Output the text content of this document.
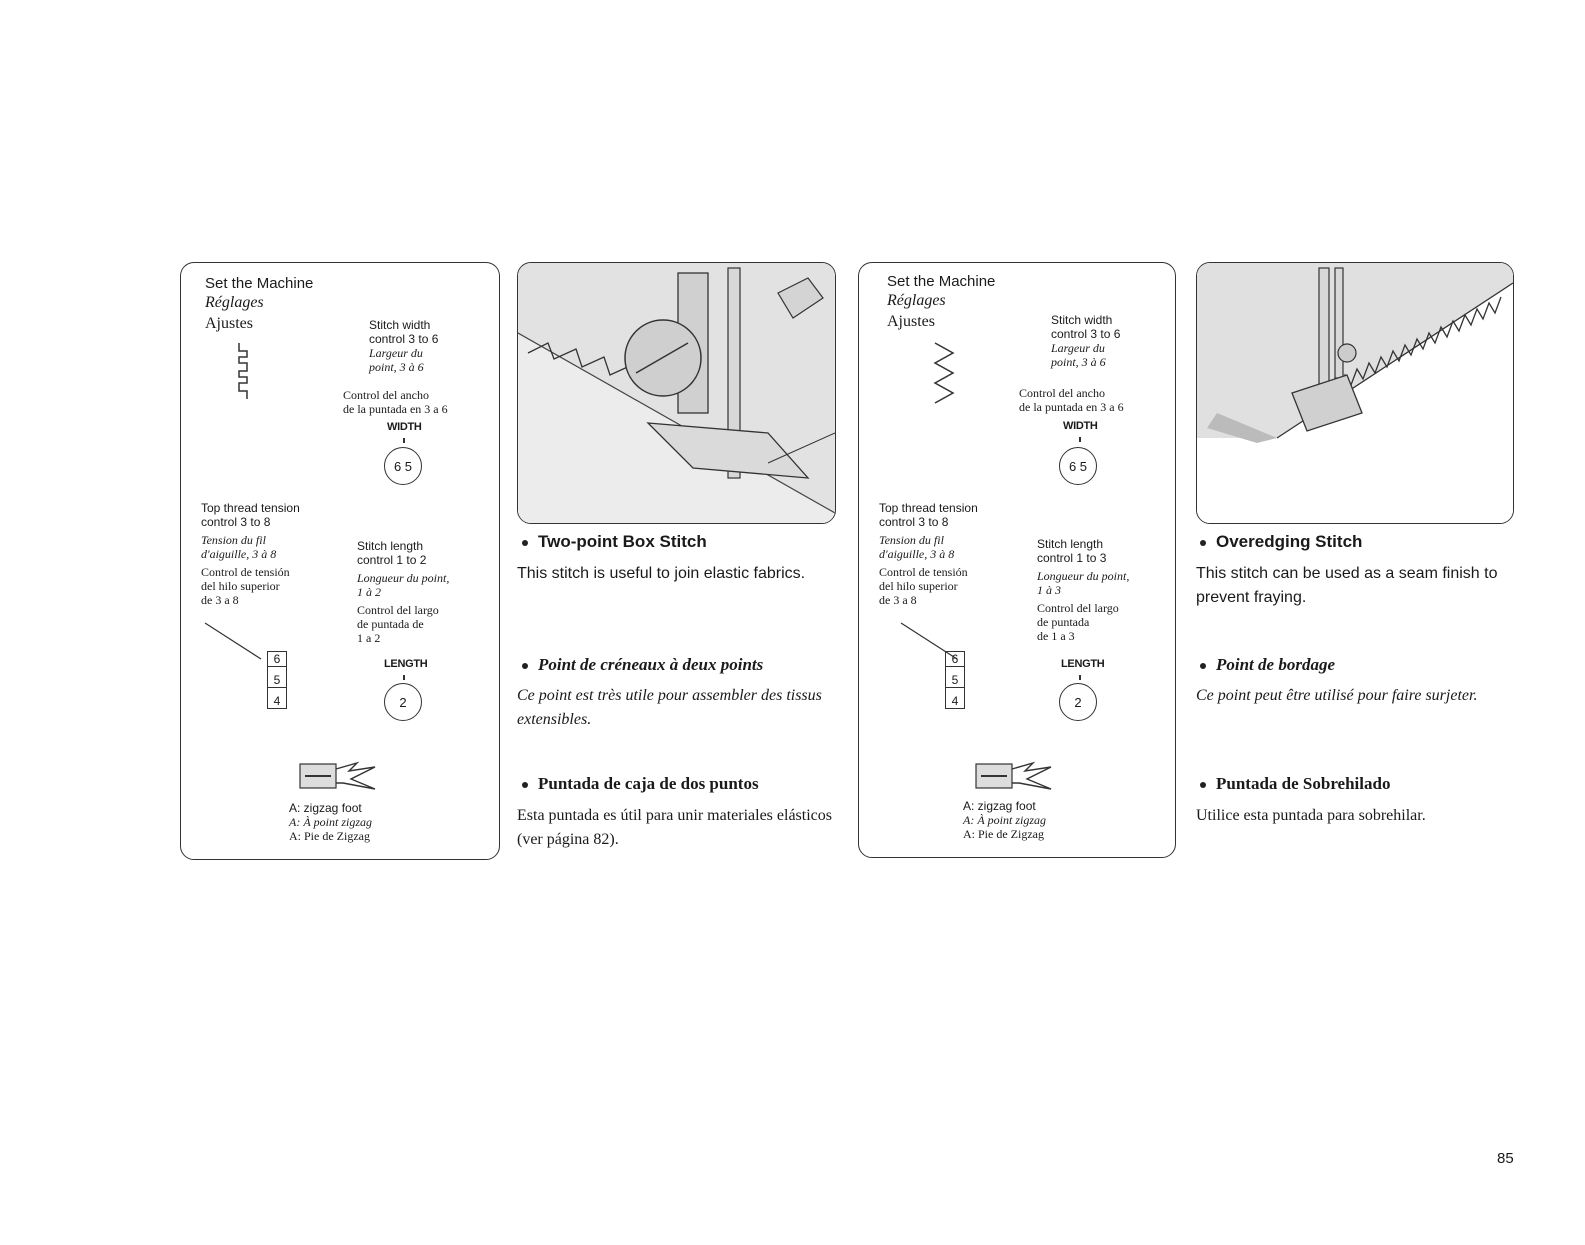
Set the Machine
Réglages
Ajustes	Stitch width
control 3 to 6
Largeur du
point, 3 à 6
Control del ancho
de la puntada en 3 a 6
WIDTH
6 5
Top thread tension
control 3 to 8
Tension du fil
d'aiguille, 3 à 8
Control de tensión
del hilo superior
de 3 a 8
Stitch length
control 1 to 2
Longueur du point,
1 à 2
Control del largo
de puntada de
1 a 2
LENGTH
2
6
5
4
A: zigzag foot
A: À point zigzag
A: Pie de Zigzag
Two-point Box Stitch
This stitch is useful to join elastic fabrics.
Point de créneaux à deux points
Ce point est très utile pour assembler des tissus extensibles.
Puntada de caja de dos puntos
Esta puntada es útil para unir materiales elásticos (ver página 82).
Set the Machine
Réglages
Ajustes	Stitch width
control 3 to 6
Largeur du
point, 3 à 6
Control del ancho
de la puntada en 3 a 6
WIDTH
6 5
Top thread tension
control 3 to 8
Tension du fil
d'aiguille, 3 à 8
Control de tensión
del hilo superior
de 3 a 8
Stitch length
control 1 to 3
Longueur du point,
1 à 3
Control del largo
de puntada
de 1 a 3
LENGTH
2
6
5
4
A: zigzag foot
A: À point zigzag
A: Pie de Zigzag
Overedging Stitch
This stitch can be used as a seam finish to prevent fraying.
Point de bordage
Ce point peut être utilisé pour faire surjeter.
Puntada de Sobrehilado
Utilice esta puntada para sobrehilar.
85
